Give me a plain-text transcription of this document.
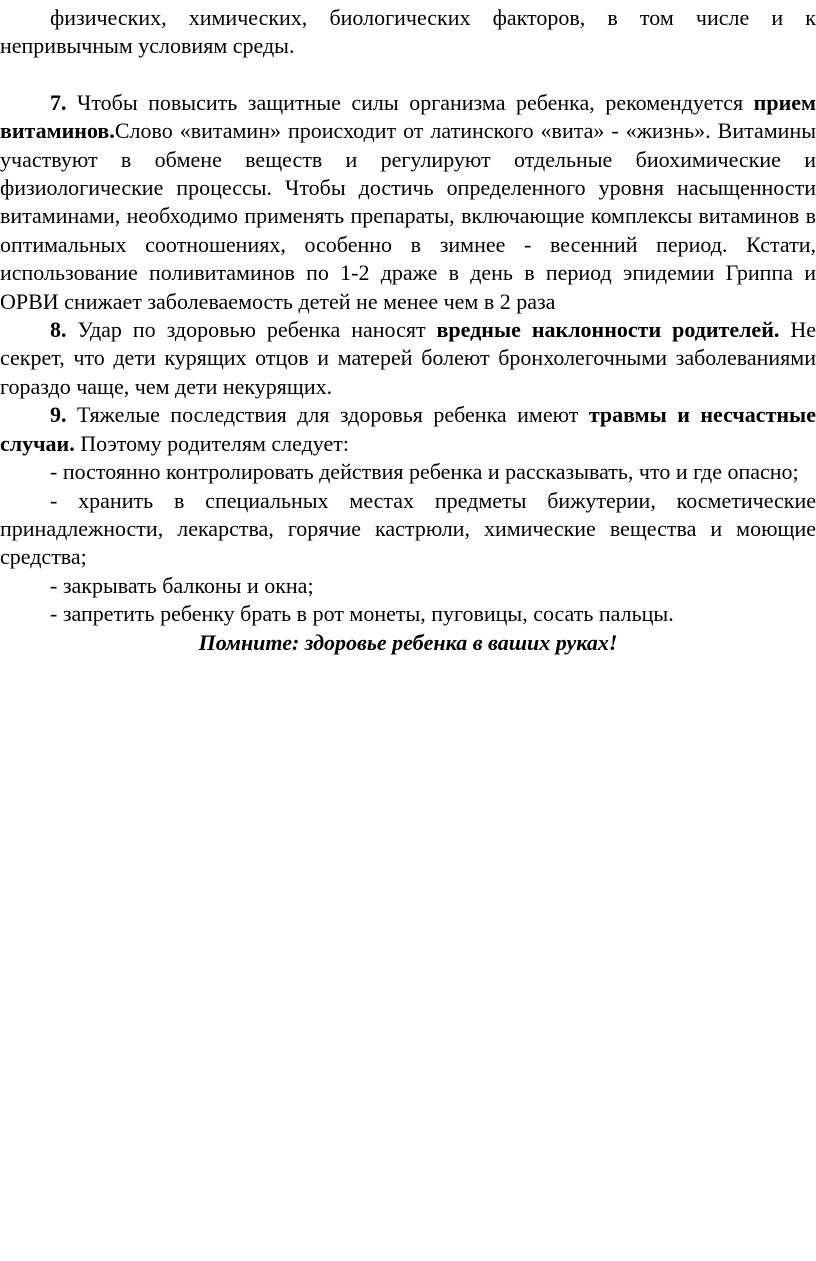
физических, химических, биологических факторов, в том числе и к непривычным условиям среды.

7. Чтобы повысить защитные силы организма ребенка, рекомендуется прием витаминов.Слово «витамин» происходит от латинского «вита» - «жизнь». Витамины участвуют в обмене веществ и регулируют отдельные биохимические и физиологические процессы. Чтобы достичь определенного уровня насыщенности витаминами, необходимо применять препараты, включающие комплексы витаминов в оптимальных соотношениях, особенно в зимнее - весенний период. Кстати, использование поливитаминов по 1-2 драже в день в период эпидемии Гриппа и ОРВИ снижает заболеваемость детей не менее чем в 2 раза

8. Удар по здоровью ребенка наносят вредные наклонности родителей. Не секрет, что дети курящих отцов и матерей болеют бронхолегочными заболеваниями гораздо чаще, чем дети некурящих.

9. Тяжелые последствия для здоровья ребенка имеют травмы и несчастные случаи. Поэтому родителям следует:

- постоянно контролировать действия ребенка и рассказывать, что и где опасно;

- хранить в специальных местах предметы бижутерии, косметические принадлежности, лекарства, горячие кастрюли, химические вещества и моющие средства;

- закрывать балконы и окна;

- запретить ребенку брать в рот монеты, пуговицы, сосать пальцы.

Помните: здоровье ребенка в ваших руках!
